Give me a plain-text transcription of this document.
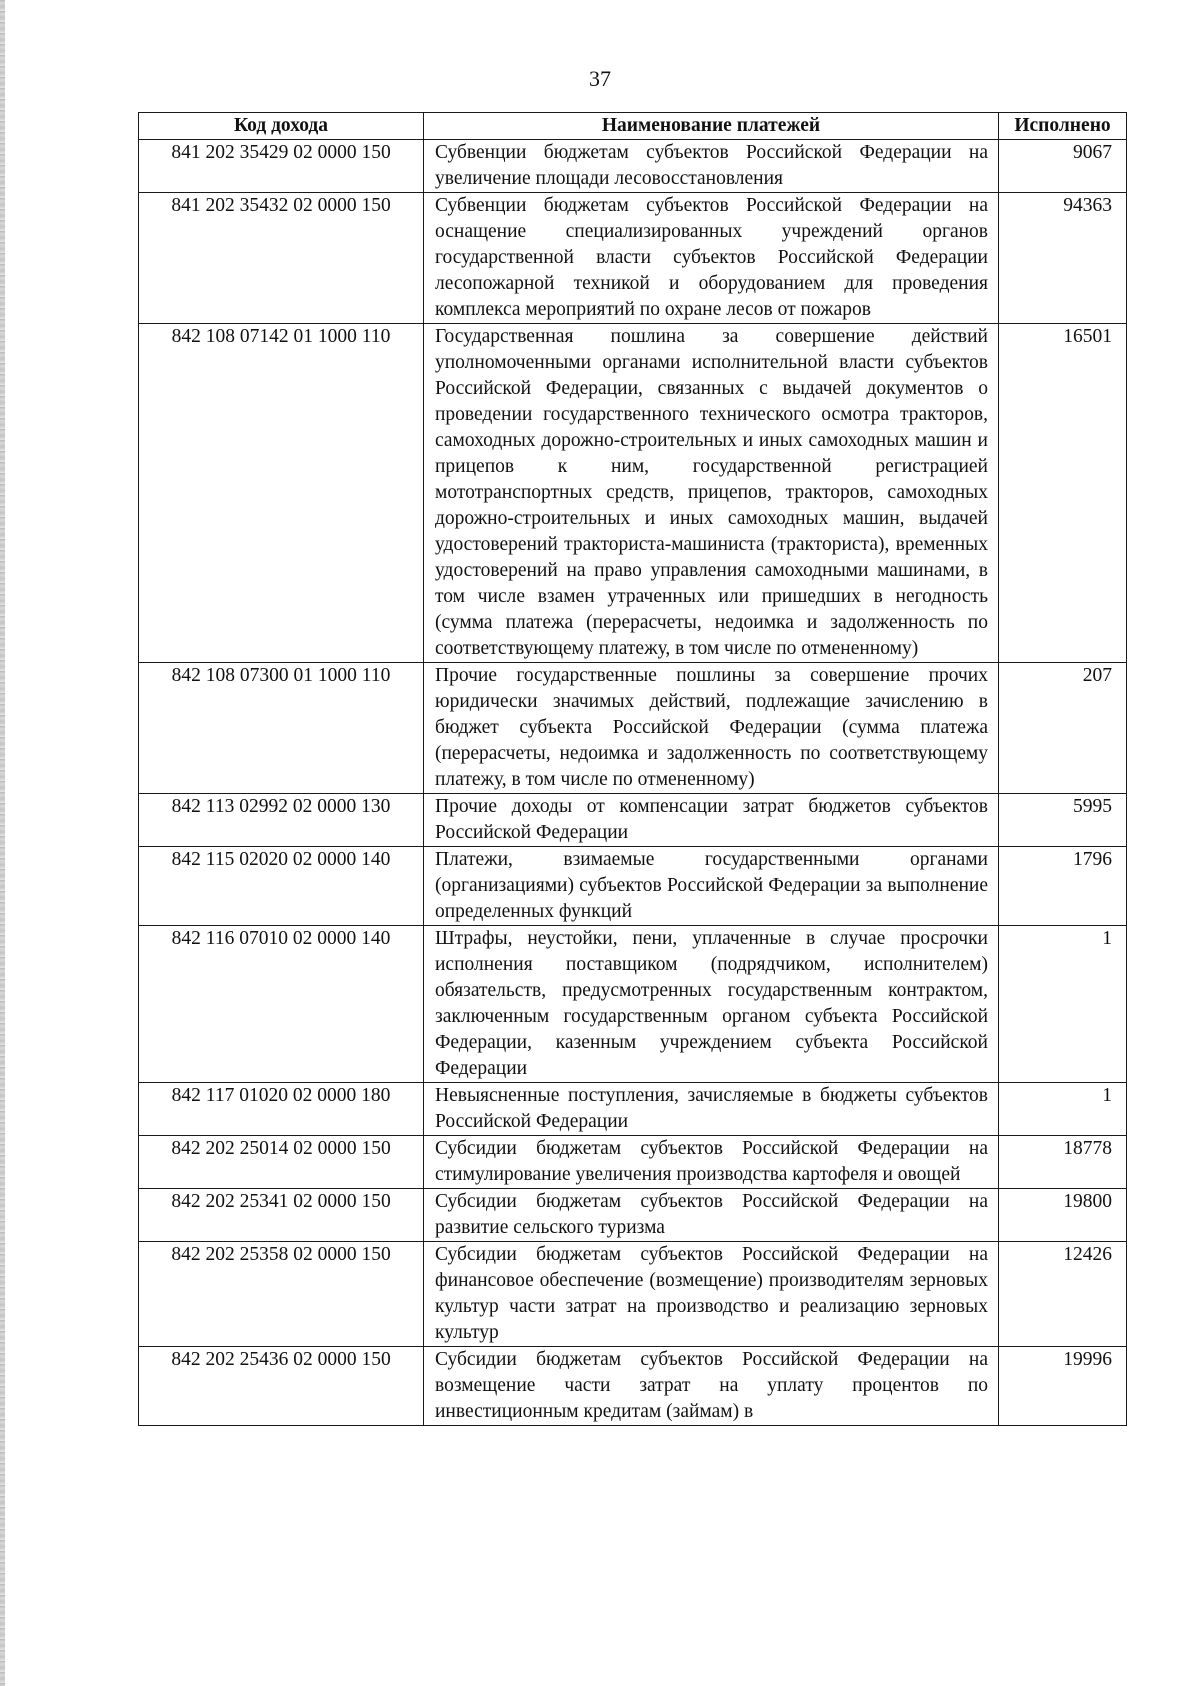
37
Код дохода	Наименование платежей	Исполнено
841 202 35429 02 0000 150	Субвенции бюджетам субъектов Российской Федерации на увеличение площади лесовосстановления	9067
841 202 35432 02 0000 150	Субвенции бюджетам субъектов Российской Федерации на оснащение специализированных учреждений органов государственной власти субъектов Российской Федерации лесопожарной техникой и оборудованием для проведения комплекса мероприятий по охране лесов от пожаров	94363
842 108 07142 01 1000 110	Государственная пошлина за совершение действий уполномоченными органами исполнительной власти субъектов Российской Федерации, связанных с выдачей документов о проведении государственного технического осмотра тракторов, самоходных дорожно-строительных и иных самоходных машин и прицепов к ним, государственной регистрацией мототранспортных средств, прицепов, тракторов, самоходных дорожно-строительных и иных самоходных машин, выдачей удостоверений тракториста-машиниста (тракториста), временных удостоверений на право управления самоходными машинами, в том числе взамен утраченных или пришедших в негодность (сумма платежа (перерасчеты, недоимка и задолженность по соответствующему платежу, в том числе по отмененному)	16501
842 108 07300 01 1000 110	Прочие государственные пошлины за совершение прочих юридически значимых действий, подлежащие зачислению в бюджет субъекта Российской Федерации (сумма платежа (перерасчеты, недоимка и задолженность по соответствующему платежу, в том числе по отмененному)	207
842 113 02992 02 0000 130	Прочие доходы от компенсации затрат бюджетов субъектов Российской Федерации	5995
842 115 02020 02 0000 140	Платежи, взимаемые государственными органами (организациями) субъектов Российской Федерации за выполнение определенных функций	1796
842 116 07010 02 0000 140	Штрафы, неустойки, пени, уплаченные в случае просрочки исполнения поставщиком (подрядчиком, исполнителем) обязательств, предусмотренных государственным контрактом, заключенным государственным органом субъекта Российской Федерации, казенным учреждением субъекта Российской Федерации	1
842 117 01020 02 0000 180	Невыясненные поступления, зачисляемые в бюджеты субъектов Российской Федерации	1
842 202 25014 02 0000 150	Субсидии бюджетам субъектов Российской Федерации на стимулирование увеличения производства картофеля и овощей	18778
842 202 25341 02 0000 150	Субсидии бюджетам субъектов Российской Федерации на развитие сельского туризма	19800
842 202 25358 02 0000 150	Субсидии бюджетам субъектов Российской Федерации на финансовое обеспечение (возмещение) производителям зерновых культур части затрат на производство и реализацию зерновых культур	12426
842 202 25436 02 0000 150	Субсидии бюджетам субъектов Российской Федерации на возмещение части затрат на уплату процентов по инвестиционным кредитам (займам) в	19996
